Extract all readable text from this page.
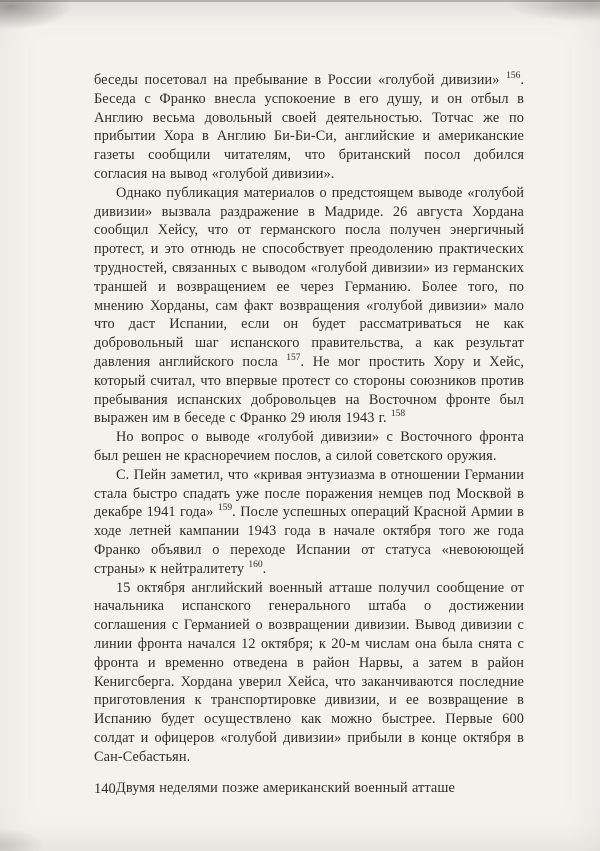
беседы посетовал на пребывание в России «голубой дивизии» $^{156}$. Беседа с Франко внесла успокоение в его душу, и он отбыл в Англию весьма довольный своей деятельностью. Тотчас же по прибытии Хора в Англию Би-Би-Си, английские и американские газеты сообщили читателям, что британский посол добился согласия на вывод «голубой дивизии».

Однако публикация материалов о предстоящем выводе «голубой дивизии» вызвала раздражение в Мадриде. 26 августа Хордана сообщил Хейсу, что от германского посла получен энергичный протест, и это отнюдь не способствует преодолению практических трудностей, связанных с выводом «голубой дивизии» из германских траншей и возвращением ее через Германию. Более того, по мнению Хорданы, сам факт возвращения «голубой дивизии» мало что даст Испании, если он будет рассматриваться не как добровольный шаг испанского правительства, а как результат давления английского посла $^{157}$. Не мог простить Хору и Хейс, который считал, что впервые протест со стороны союзников против пребывания испанских добровольцев на Восточном фронте был выражен им в беседе с Франко 29 июля 1943 г. $^{158}$

Но вопрос о выводе «голубой дивизии» с Восточного фронта был решен не красноречием послов, а силой советского оружия.

С. Пейн заметил, что «кривая энтузиазма в отношении Германии стала быстро спадать уже после поражения немцев под Москвой в декабре 1941 года» $^{159}$. После успешных операций Красной Армии в ходе летней кампании 1943 года в начале октября того же года Франко объявил о переходе Испании от статуса «невоюющей страны» к нейтралитету $^{160}$.

15 октября английский военный атташе получил сообщение от начальника испанского генерального штаба о достижении соглашения с Германией о возвращении дивизии. Вывод дивизии с линии фронта начался 12 октября; к 20-м числам она была снята с фронта и временно отведена в район Нарвы, а затем в район Кенигсберга. Хордана уверил Хейса, что заканчиваются последние приготовления к транспортировке дивизии, и ее возвращение в Испанию будет осуществлено как можно быстрее. Первые 600 солдат и офицеров «голубой дивизии» прибыли в конце октября в Сан-Себастьян.

Двумя неделями позже американский военный атташе

140
